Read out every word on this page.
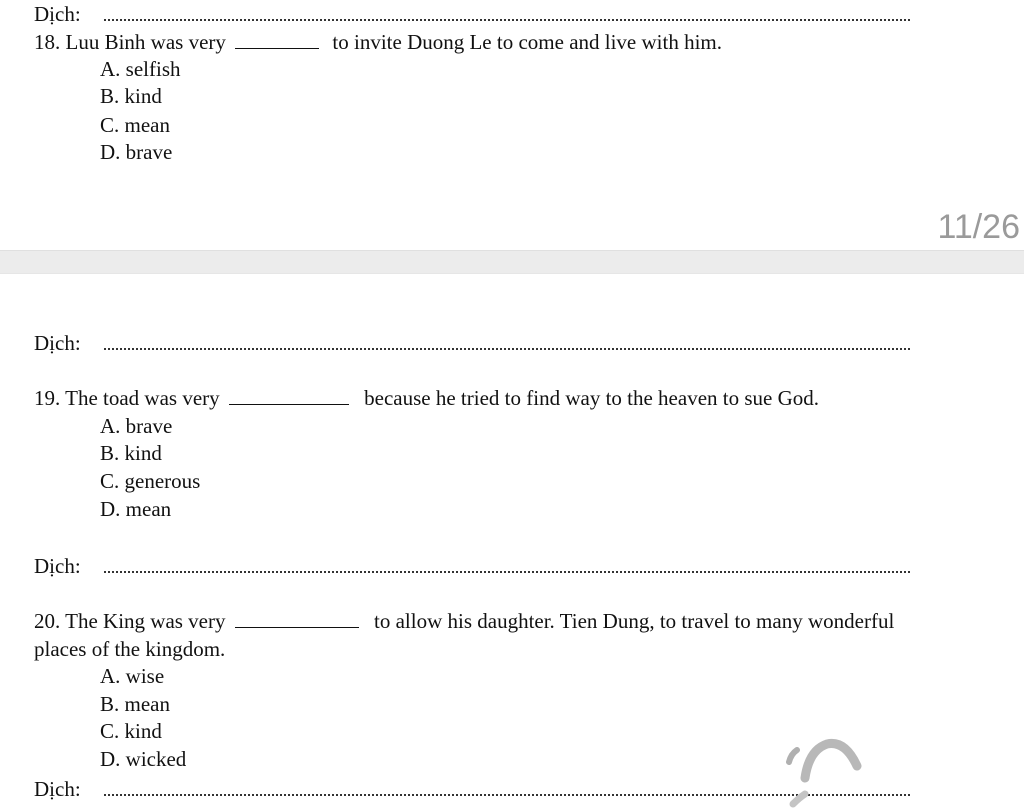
Dịch:
18. Luu Binh was very	to invite Duong Le to come and live with him.
A. selfish
B. kind
C. mean
D. brave
11/26
Dịch:
19. The toad was very	because he tried to find way to the heaven to sue God.
A. brave
B. kind
C. generous
D. mean
Dịch:
20. The King was very	to allow his daughter. Tien Dung, to travel to many wonderful
places of the kingdom.
A. wise
B. mean
C. kind
D. wicked
Dịch:
